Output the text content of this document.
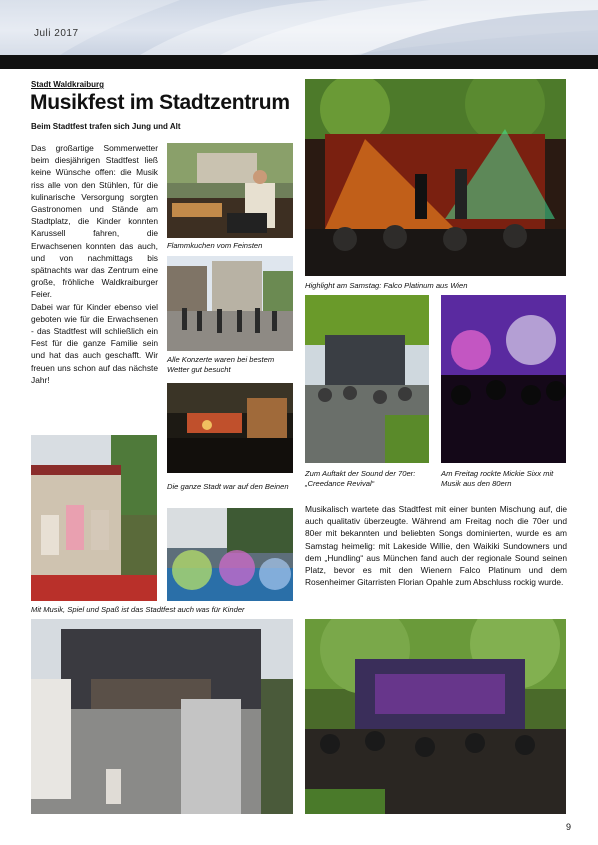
Juli 2017
Stadt Waldkraiburg
Musikfest im Stadtzentrum
Beim Stadtfest trafen sich Jung und Alt
Das großartige Sommerwetter beim diesjährigen Stadtfest ließ keine Wünsche offen: die Musik riss alle von den Stühlen, für die kulinarische Versorgung sorgten Gastronomen und Stände am Stadtplatz, die Kinder konnten Karussell fahren, die Erwachsenen konnten das auch, und von nachmittags bis spätnachts war das Zentrum eine große, fröhliche Waldkraiburger Feier.
Dabei war für Kinder ebenso viel geboten wie für die Erwachsenen - das Stadtfest will schließlich ein Fest für die ganze Familie sein und hat das auch geschafft. Wir freuen uns schon auf das nächste Jahr!
Flammkuchen vom Feinsten
Alle Konzerte waren bei bestem Wetter gut besucht
Die ganze Stadt war auf den Beinen
Mit Musik, Spiel und Spaß ist das Stadtfest auch was für Kinder
Highlight am Samstag: Falco Platinum aus Wien
Zum Auftakt der Sound der 70er: „Creedance Revival“
Am Freitag rockte Mickie Sixx mit Musik aus den 80ern
Musikalisch wartete das Stadtfest mit einer bunten Mischung auf, die auch qualitativ überzeugte. Während am Freitag noch die 70er und 80er mit bekannten und beliebten Songs dominierten, wurde es am Samstag heimelig: mit Lakeside Willie, den Waikiki Sundowners und dem „Hundling“ aus München fand auch der regionale Sound seinen Platz, bevor es mit den Wienern Falco Platinum und dem Rosenheimer Gitarristen Florian Opahle zum Abschluss rockig wurde.
9
